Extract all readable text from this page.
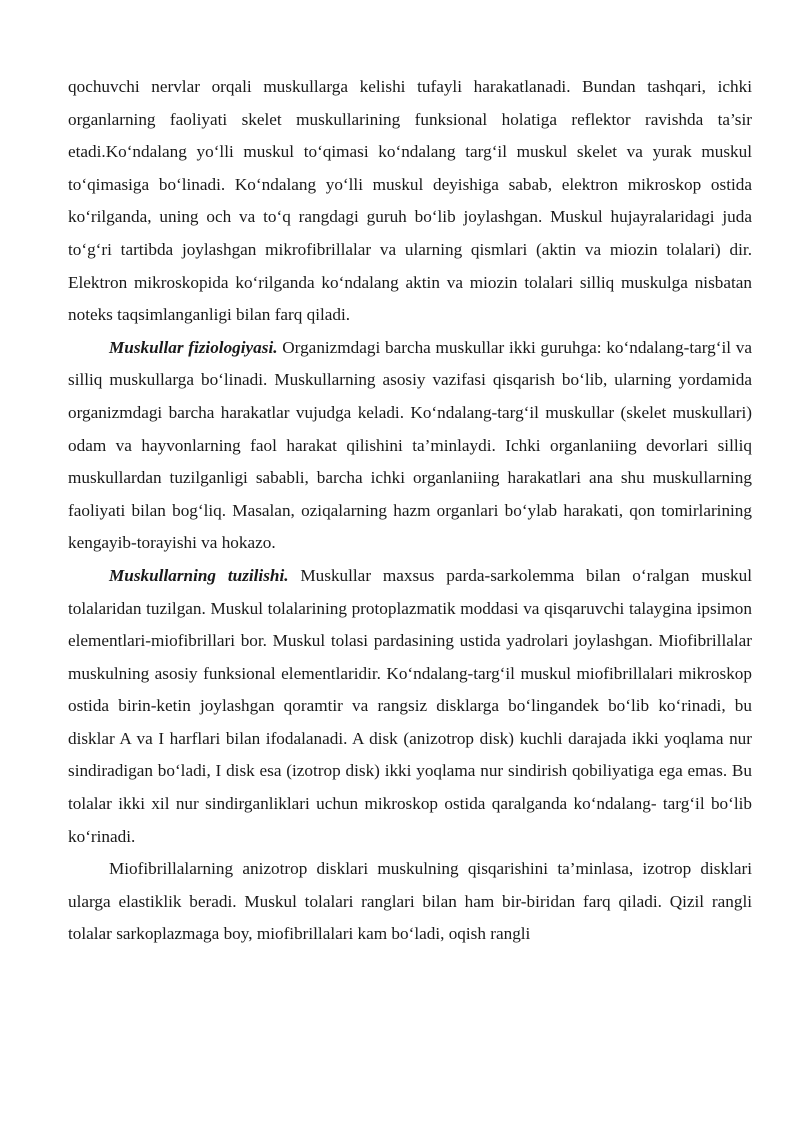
qochuvchi nervlar orqali muskullarga kelishi tufayli harakatlanadi. Bundan tashqari, ichki organlarning faoliyati skelet muskullarining funksional holatiga reflektor ravishda ta’sir etadi.Ko‘ndalang yo‘lli muskul to‘qimasi ko‘ndalang targ‘il muskul skelet va yurak muskul to‘qimasiga bo‘linadi. Ko‘ndalang yo‘lli muskul deyishiga sabab, elektron mikroskop ostida ko‘rilganda, uning och va to‘q rangdagi guruh bo‘lib joylashgan. Muskul hujayralaridagi juda to‘g‘ri tartibda joylashgan mikrofibrillalar va ularning qismlari (aktin va miozin tolalari) dir. Elektron mikroskopida ko‘rilganda ko‘ndalang aktin va miozin tolalari silliq muskulga nisbatan noteks taqsimlanganligi bilan farq qiladi.

Muskullar fiziologiyasi. Organizmdagi barcha muskullar ikki guruhga: ko‘ndalang-targ‘il va silliq muskullarga bo‘linadi. Muskullarning asosiy vazifasi qisqarish bo‘lib, ularning yordamida organizmdagi barcha harakatlar vujudga keladi. Ko‘ndalang-targ‘il muskullar (skelet muskullari) odam va hayvonlarning faol harakat qilishini ta’minlaydi. Ichki organlaniing devorlari silliq muskullardan tuzilganligi sababli, barcha ichki organlaniing harakatlari ana shu muskullarning faoliyati bilan bog‘liq. Masalan, oziqalarning hazm organlari bo‘ylab harakati, qon tomirlarining kengayib-torayishi va hokazo.

Muskullarning tuzilishi. Muskullar maxsus parda-sarkolemma bilan o‘ralgan muskul tolalaridan tuzilgan. Muskul tolalarining protoplazmatik moddasi va qisqaruvchi talaygina ipsimon elementlari-miofibrillari bor. Muskul tolasi pardasining ustida yadrolari joylashgan. Miofibrillalar muskulning asosiy funksional elementlaridir. Ko‘ndalang-targ‘il muskul miofibrillalari mikroskop ostida birin-ketin joylashgan qoramtir va rangsiz disklarga bo‘lingandek bo‘lib ko‘rinadi, bu disklar A va I harflari bilan ifodalanadi. A disk (anizotrop disk) kuchli darajada ikki yoqlama nur sindiradigan bo‘ladi, I disk esa (izotrop disk) ikki yoqlama nur sindirish qobiliyatiga ega emas. Bu tolalar ikki xil nur sindirganliklari uchun mikroskop ostida qaralganda ko‘ndalang- targ‘il bo‘lib ko‘rinadi.

Miofibrillalarning anizotrop disklari muskulning qisqarishini ta’minlasa, izotrop disklari ularga elastiklik beradi. Muskul tolalari ranglari bilan ham bir-biridan farq qiladi. Qizil rangli tolalar sarkoplazmaga boy, miofibrillalari kam bo‘ladi, oqish rangli
